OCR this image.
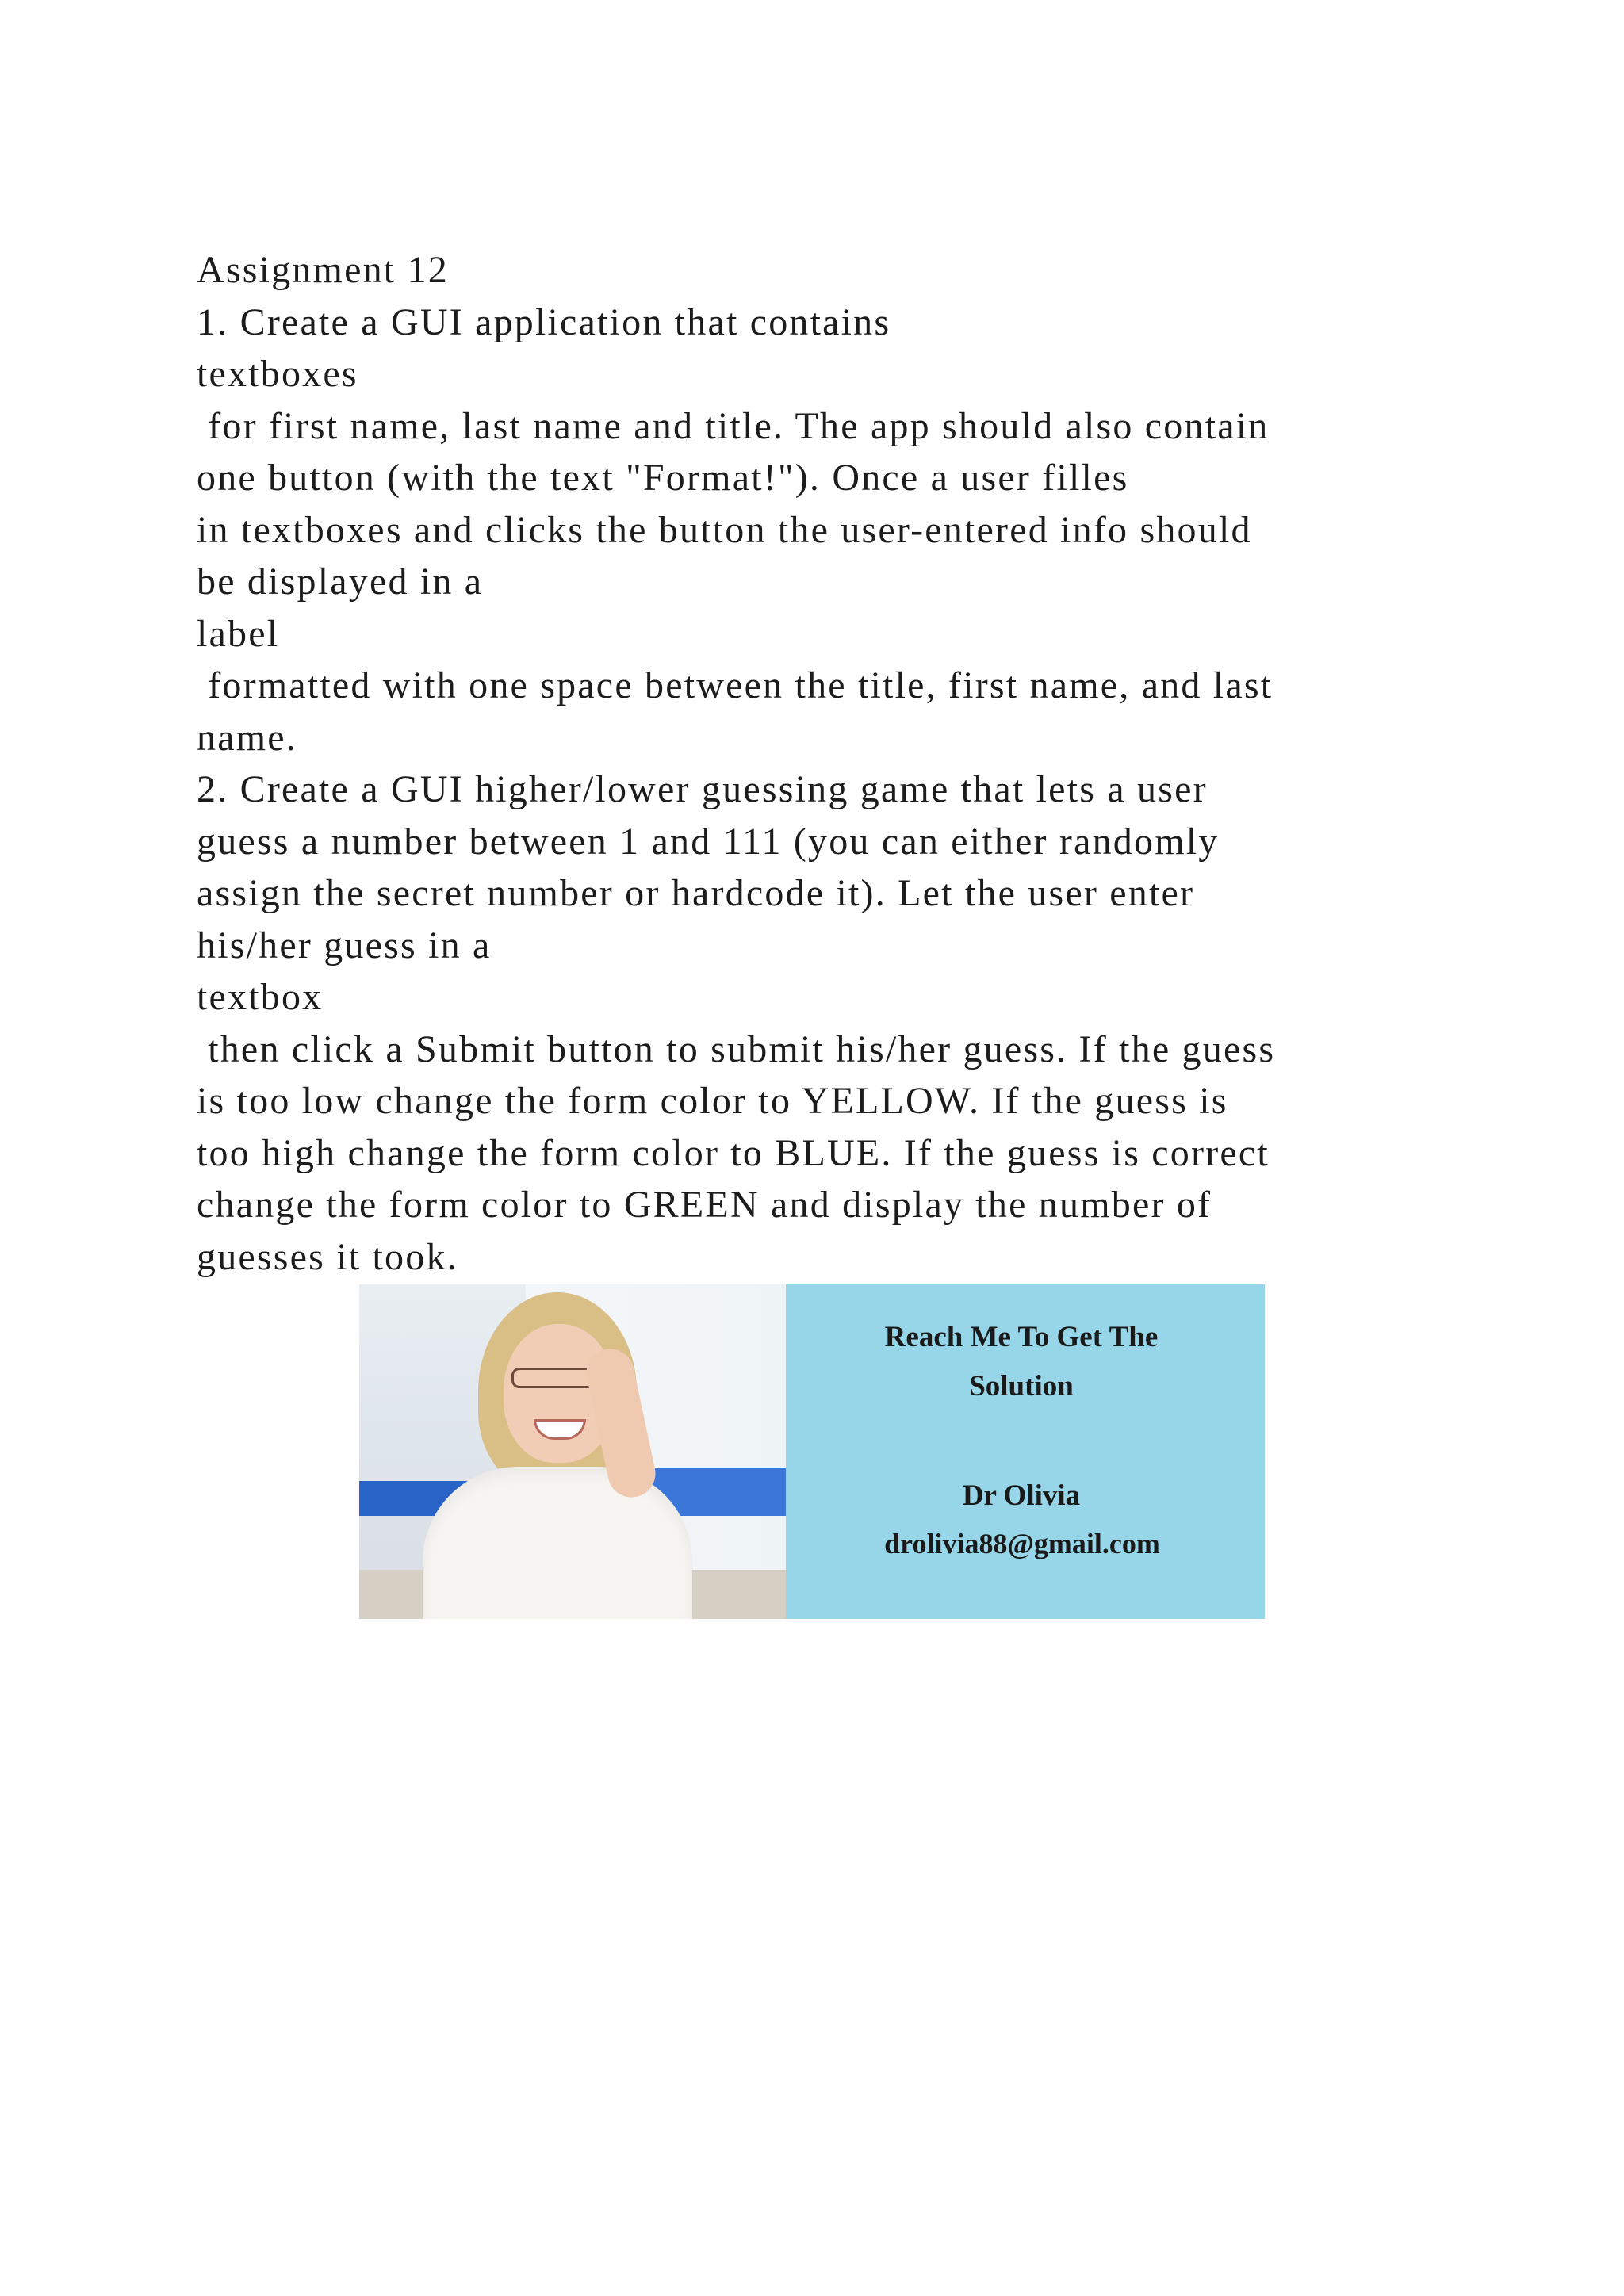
Assignment 12

1. Create a GUI application that contains

textboxes

for first name, last name and title. The app should also contain

one button (with the text "Format!"). Once a user filles

in textboxes and clicks the button the user-entered info should

be displayed in a

label

formatted with one space between the title, first name, and last

name.

2. Create a GUI higher/lower guessing game that lets a user

guess a number between 1 and 111 (you can either randomly

assign the secret number or hardcode it). Let the user enter

his/her guess in a

textbox

then click a Submit button to submit his/her guess. If the guess

is too low change the form color to YELLOW. If the guess is

too high change the form color to BLUE. If the guess is correct

change the form color to GREEN and display the number of

guesses it took.

Reach Me To Get The
Solution
Dr Olivia
drolivia88@gmail.com
